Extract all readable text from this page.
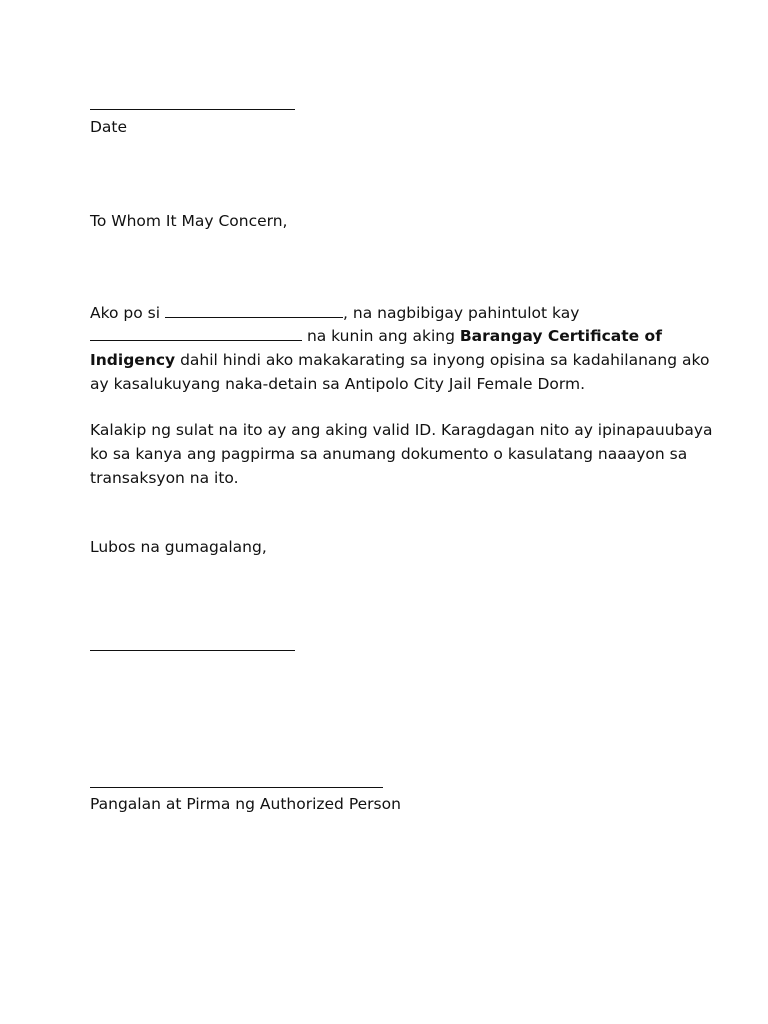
Date
To Whom It May Concern,
Ako po si	, na nagbibigay pahintulot kay
na kunin ang aking Barangay Certificate of
Indigency dahil hindi ako makakarating sa inyong opisina sa kadahilanang ako
ay kasalukuyang naka-detain sa Antipolo City Jail Female Dorm.
Kalakip ng sulat na ito ay ang aking valid ID. Karagdagan nito ay ipinapauubaya
ko sa kanya ang pagpirma sa anumang dokumento o kasulatang naaayon sa
transaksyon na ito.
Lubos na gumagalang,
Pangalan at Pirma ng Authorized Person
